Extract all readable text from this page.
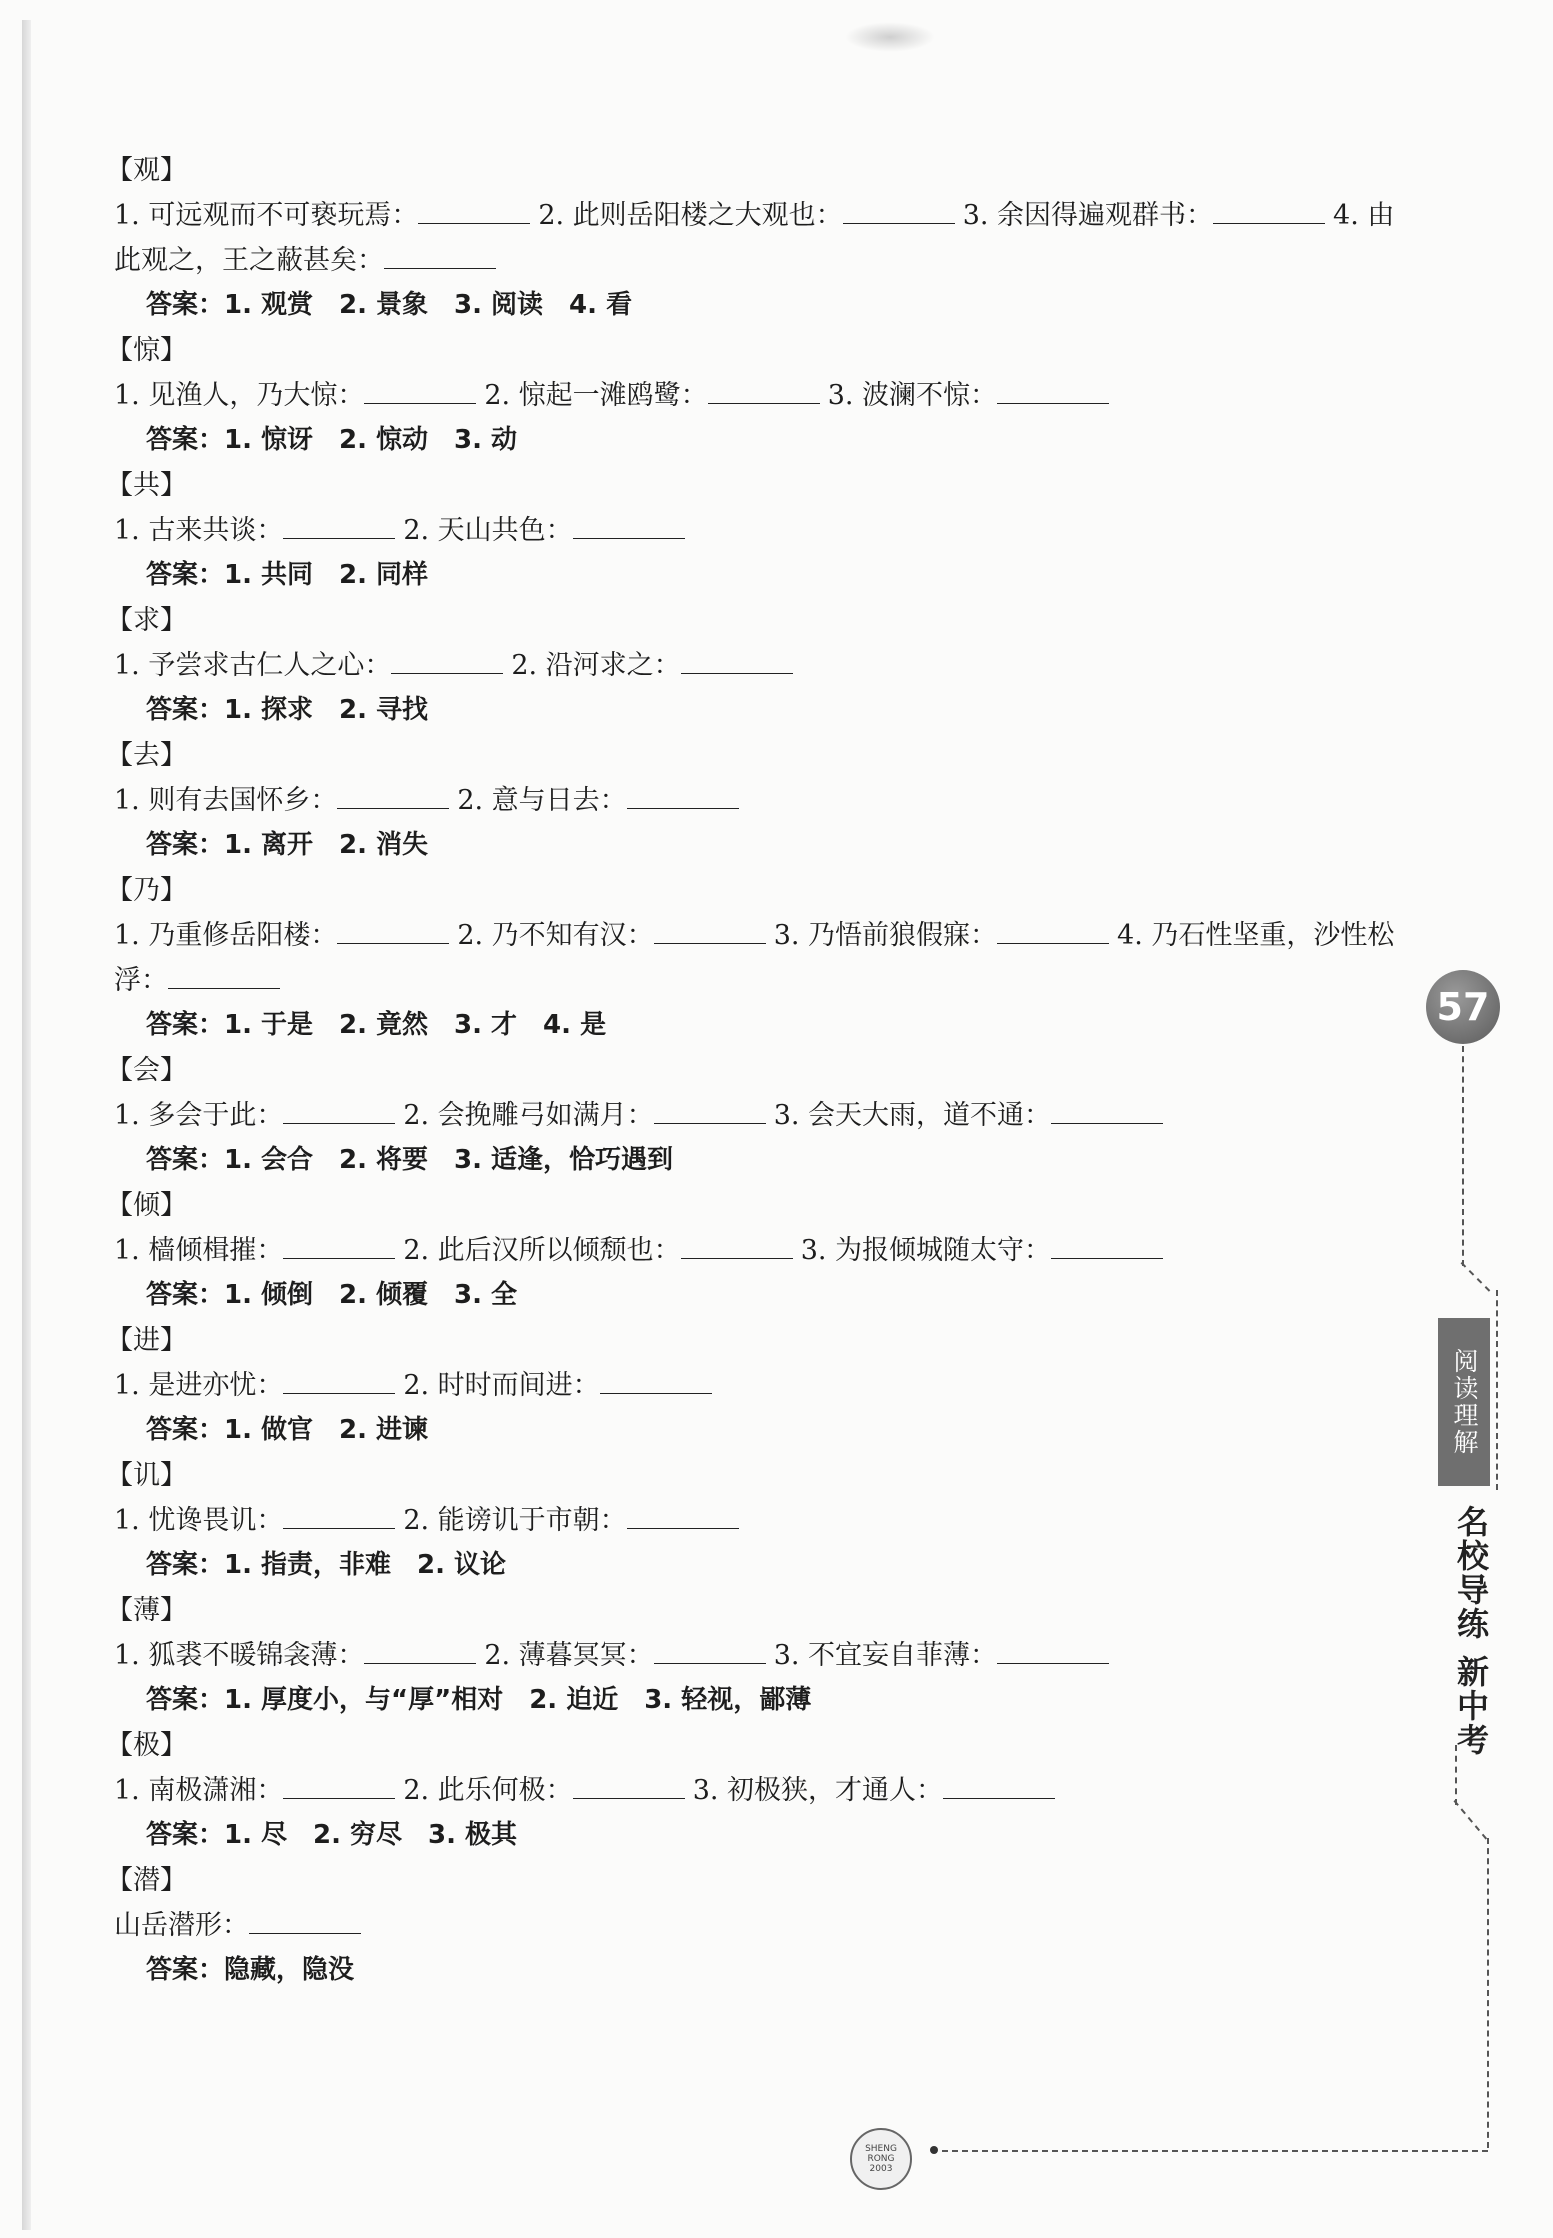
【观】
1. 可远观而不可亵玩焉：	2. 此则岳阳楼之大观也：	3. 余因得遍观群书：	4. 由此观之，王之蔽甚矣：
答案：1. 观赏　2. 景象　3. 阅读　4. 看
【惊】
1. 见渔人，乃大惊：	2. 惊起一滩鸥鹭：	3. 波澜不惊：
答案：1. 惊讶　2. 惊动　3. 动
【共】
1. 古来共谈：	2. 天山共色：
答案：1. 共同　2. 同样
【求】
1. 予尝求古仁人之心：	2. 沿河求之：
答案：1. 探求　2. 寻找
【去】
1. 则有去国怀乡：	2. 意与日去：
答案：1. 离开　2. 消失
【乃】
1. 乃重修岳阳楼：	2. 乃不知有汉：	3. 乃悟前狼假寐：	4. 乃石性坚重，沙性松浮：
答案：1. 于是　2. 竟然　3. 才　4. 是
【会】
1. 多会于此：	2. 会挽雕弓如满月：	3. 会天大雨，道不通：
答案：1. 会合　2. 将要　3. 适逢，恰巧遇到
【倾】
1. 樯倾楫摧：	2. 此后汉所以倾颓也：	3. 为报倾城随太守：
答案：1. 倾倒　2. 倾覆　3. 全
【进】
1. 是进亦忧：	2. 时时而间进：
答案：1. 做官　2. 进谏
【讥】
1. 忧谗畏讥：	2. 能谤讥于市朝：
答案：1. 指责，非难　2. 议论
【薄】
1. 狐裘不暖锦衾薄：	2. 薄暮冥冥：	3. 不宜妄自菲薄：
答案：1. 厚度小，与“厚”相对　2. 迫近　3. 轻视，鄙薄
【极】
1. 南极潇湘：	2. 此乐何极：	3. 初极狭，才通人：
答案：1. 尽　2. 穷尽　3. 极其
【潜】
山岳潜形：
答案：隐藏，隐没
57
阅读理解
名校导练新中考
SHENG RONG 2003
